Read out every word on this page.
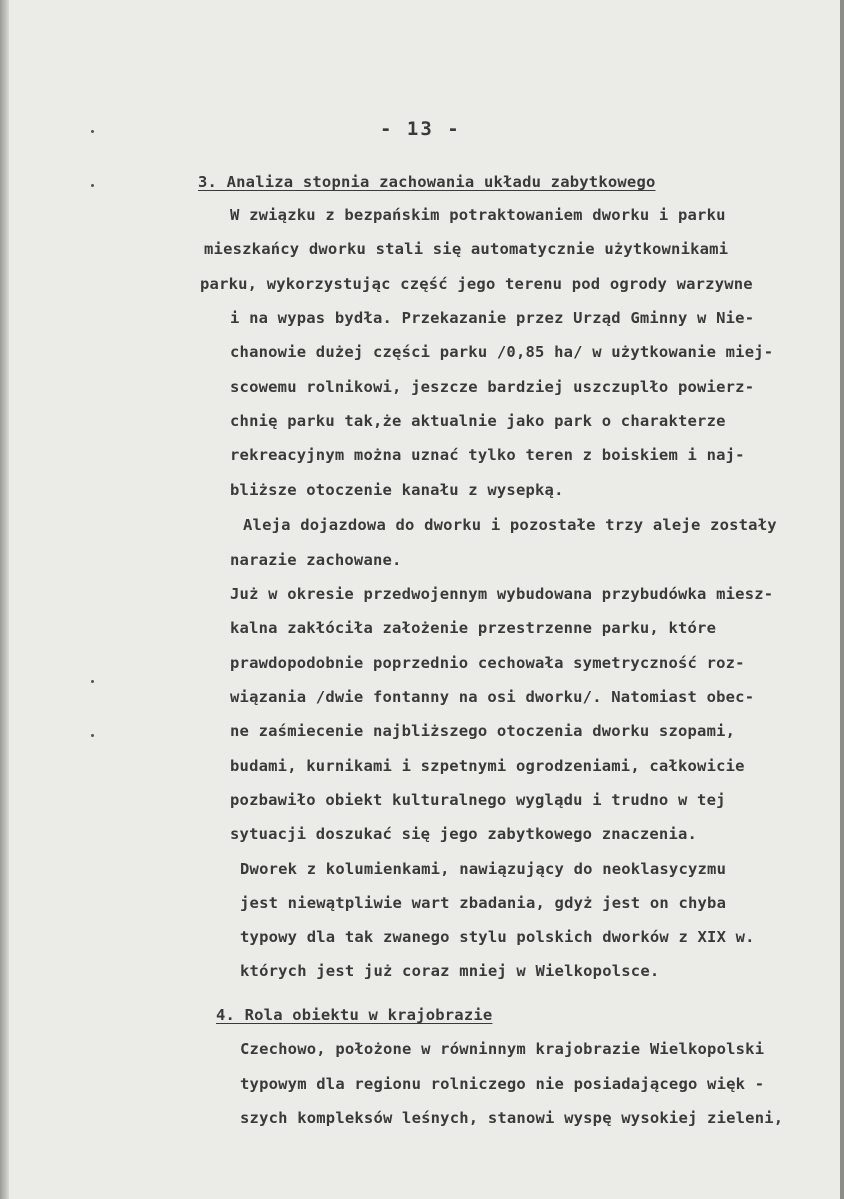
- 13 -
3. Analiza stopnia zachowania układu zabytkowego
W związku z bezpańskim potraktowaniem dworku i parku
mieszkańcy dworku stali się automatycznie użytkownikami
parku, wykorzystując część jego terenu pod ogrody warzywne
i na wypas bydła. Przekazanie przez Urząd Gminny w Nie-
chanowie dużej części parku /0,85 ha/ w użytkowanie miej-
scowemu rolnikowi, jeszcze bardziej uszczuplło powierz-
chnię parku tak,że aktualnie jako park o charakterze
rekreacyjnym można uznać tylko teren z boiskiem i naj-
bliższe otoczenie kanału z wysepką.
Aleja dojazdowa do dworku i pozostałe trzy aleje zostały
narazie zachowane.
Już w okresie przedwojennym wybudowana przybudówka miesz-
kalna zakłóciła założenie przestrzenne parku, które
prawdopodobnie poprzednio cechowała symetryczność roz-
wiązania /dwie fontanny na osi dworku/. Natomiast obec-
ne zaśmiecenie najbliższego otoczenia dworku szopami,
budami, kurnikami i szpetnymi ogrodzeniami, całkowicie
pozbawiło obiekt kulturalnego wyglądu i trudno w tej
sytuacji doszukać się jego zabytkowego znaczenia.
Dworek z kolumienkami, nawiązujący do neoklasycyzmu
jest niewątpliwie wart zbadania, gdyż jest on chyba
typowy dla tak zwanego stylu polskich dworków z XIX w.
których jest już coraz mniej w Wielkopolsce.
4. Rola obiektu w krajobrazie
Czechowo, położone w równinnym krajobrazie Wielkopolski
typowym dla regionu rolniczego nie posiadającego więk -
szych kompleksów leśnych, stanowi wyspę wysokiej zieleni,
